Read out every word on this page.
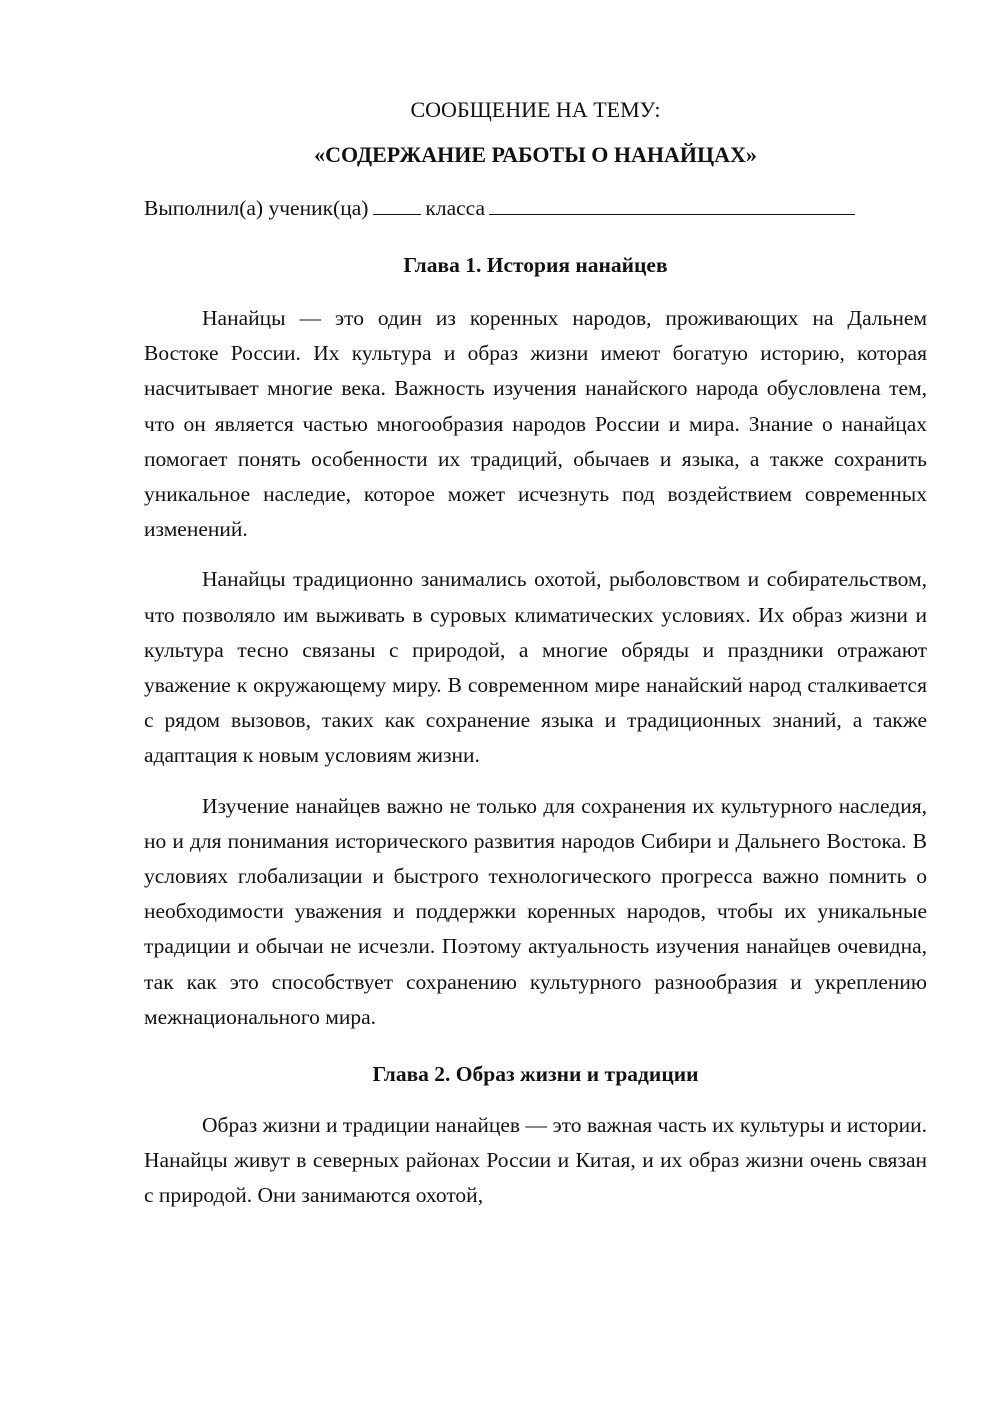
СООБЩЕНИЕ НА ТЕМУ:
«СОДЕРЖАНИЕ РАБОТЫ О НАНАЙЦАХ»
Выполнил(а) ученик(ца)	класса
Глава 1. История нанайцев

Нанайцы — это один из коренных народов, проживающих на Дальнем Востоке России. Их культура и образ жизни имеют богатую историю, которая насчитывает многие века. Важность изучения нанайского народа обусловлена тем, что он является частью многообразия народов России и мира. Знание о нанайцах помогает понять особенности их традиций, обычаев и языка, а также сохранить уникальное наследие, которое может исчезнуть под воздействием современных изменений.

Нанайцы традиционно занимались охотой, рыболовством и собирательством, что позволяло им выживать в суровых климатических условиях. Их образ жизни и культура тесно связаны с природой, а многие обряды и праздники отражают уважение к окружающему миру. В современном мире нанайский народ сталкивается с рядом вызовов, таких как сохранение языка и традиционных знаний, а также адаптация к новым условиям жизни.

Изучение нанайцев важно не только для сохранения их культурного наследия, но и для понимания исторического развития народов Сибири и Дальнего Востока. В условиях глобализации и быстрого технологического прогресса важно помнить о необходимости уважения и поддержки коренных народов, чтобы их уникальные традиции и обычаи не исчезли. Поэтому актуальность изучения нанайцев очевидна, так как это способствует сохранению культурного разнообразия и укреплению межнационального мира.

Глава 2. Образ жизни и традиции

Образ жизни и традиции нанайцев — это важная часть их культуры и истории. Нанайцы живут в северных районах России и Китая, и их образ жизни очень связан с природой. Они занимаются охотой,
